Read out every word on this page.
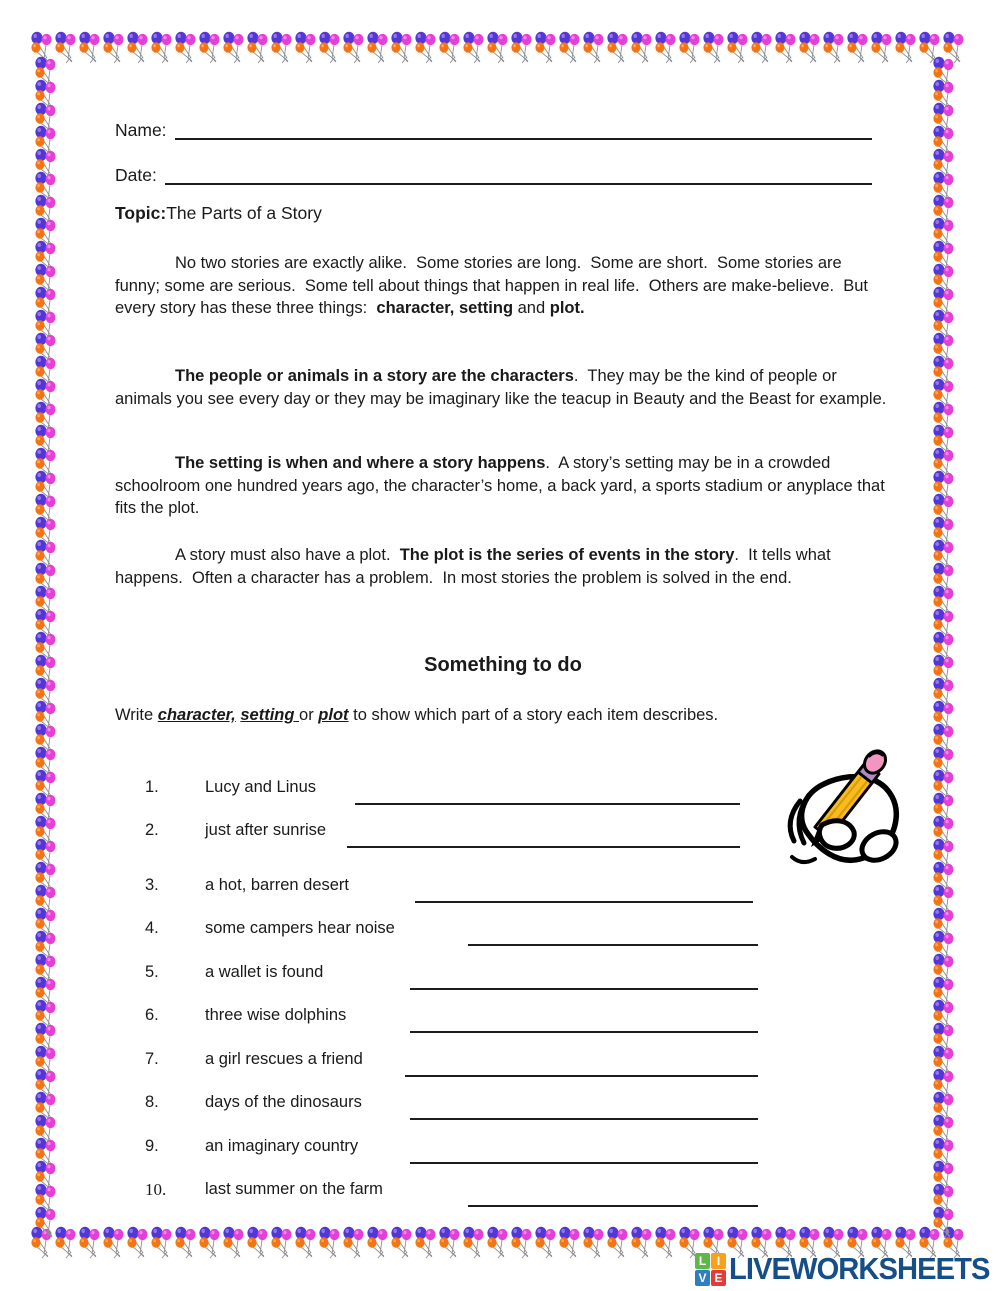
Name:
Date:
Topic:The Parts of a Story
No two stories are exactly alike.  Some stories are long.  Some are short.  Some stories are funny; some are serious.  Some tell about things that happen in real life.  Others are make-believe.  But every story has these three things:  character, setting and plot.
The people or animals in a story are the characters.  They may be the kind of people or animals you see every day or they may be imaginary like the teacup in Beauty and the Beast for example.
The setting is when and where a story happens.  A story’s setting may be in a crowded schoolroom one hundred years ago, the character’s home, a back yard, a sports stadium or anyplace that fits the plot.
A story must also have a plot.  The plot is the series of events in the story.  It tells what happens.  Often a character has a problem.  In most stories the problem is solved in the end.
Something to do
Write character, setting or plot to show which part of a story each item describes.
1.	Lucy and Linus
2.	just after sunrise
3.	a hot, barren desert
4.	some campers hear noise
5.	a wallet is found
6.	three wise dolphins
7.	a girl rescues a friend
8.	days of the dinosaurs
9.	an imaginary country
10. last summer on the farm
L I
V E LIVEWORKSHEETS
